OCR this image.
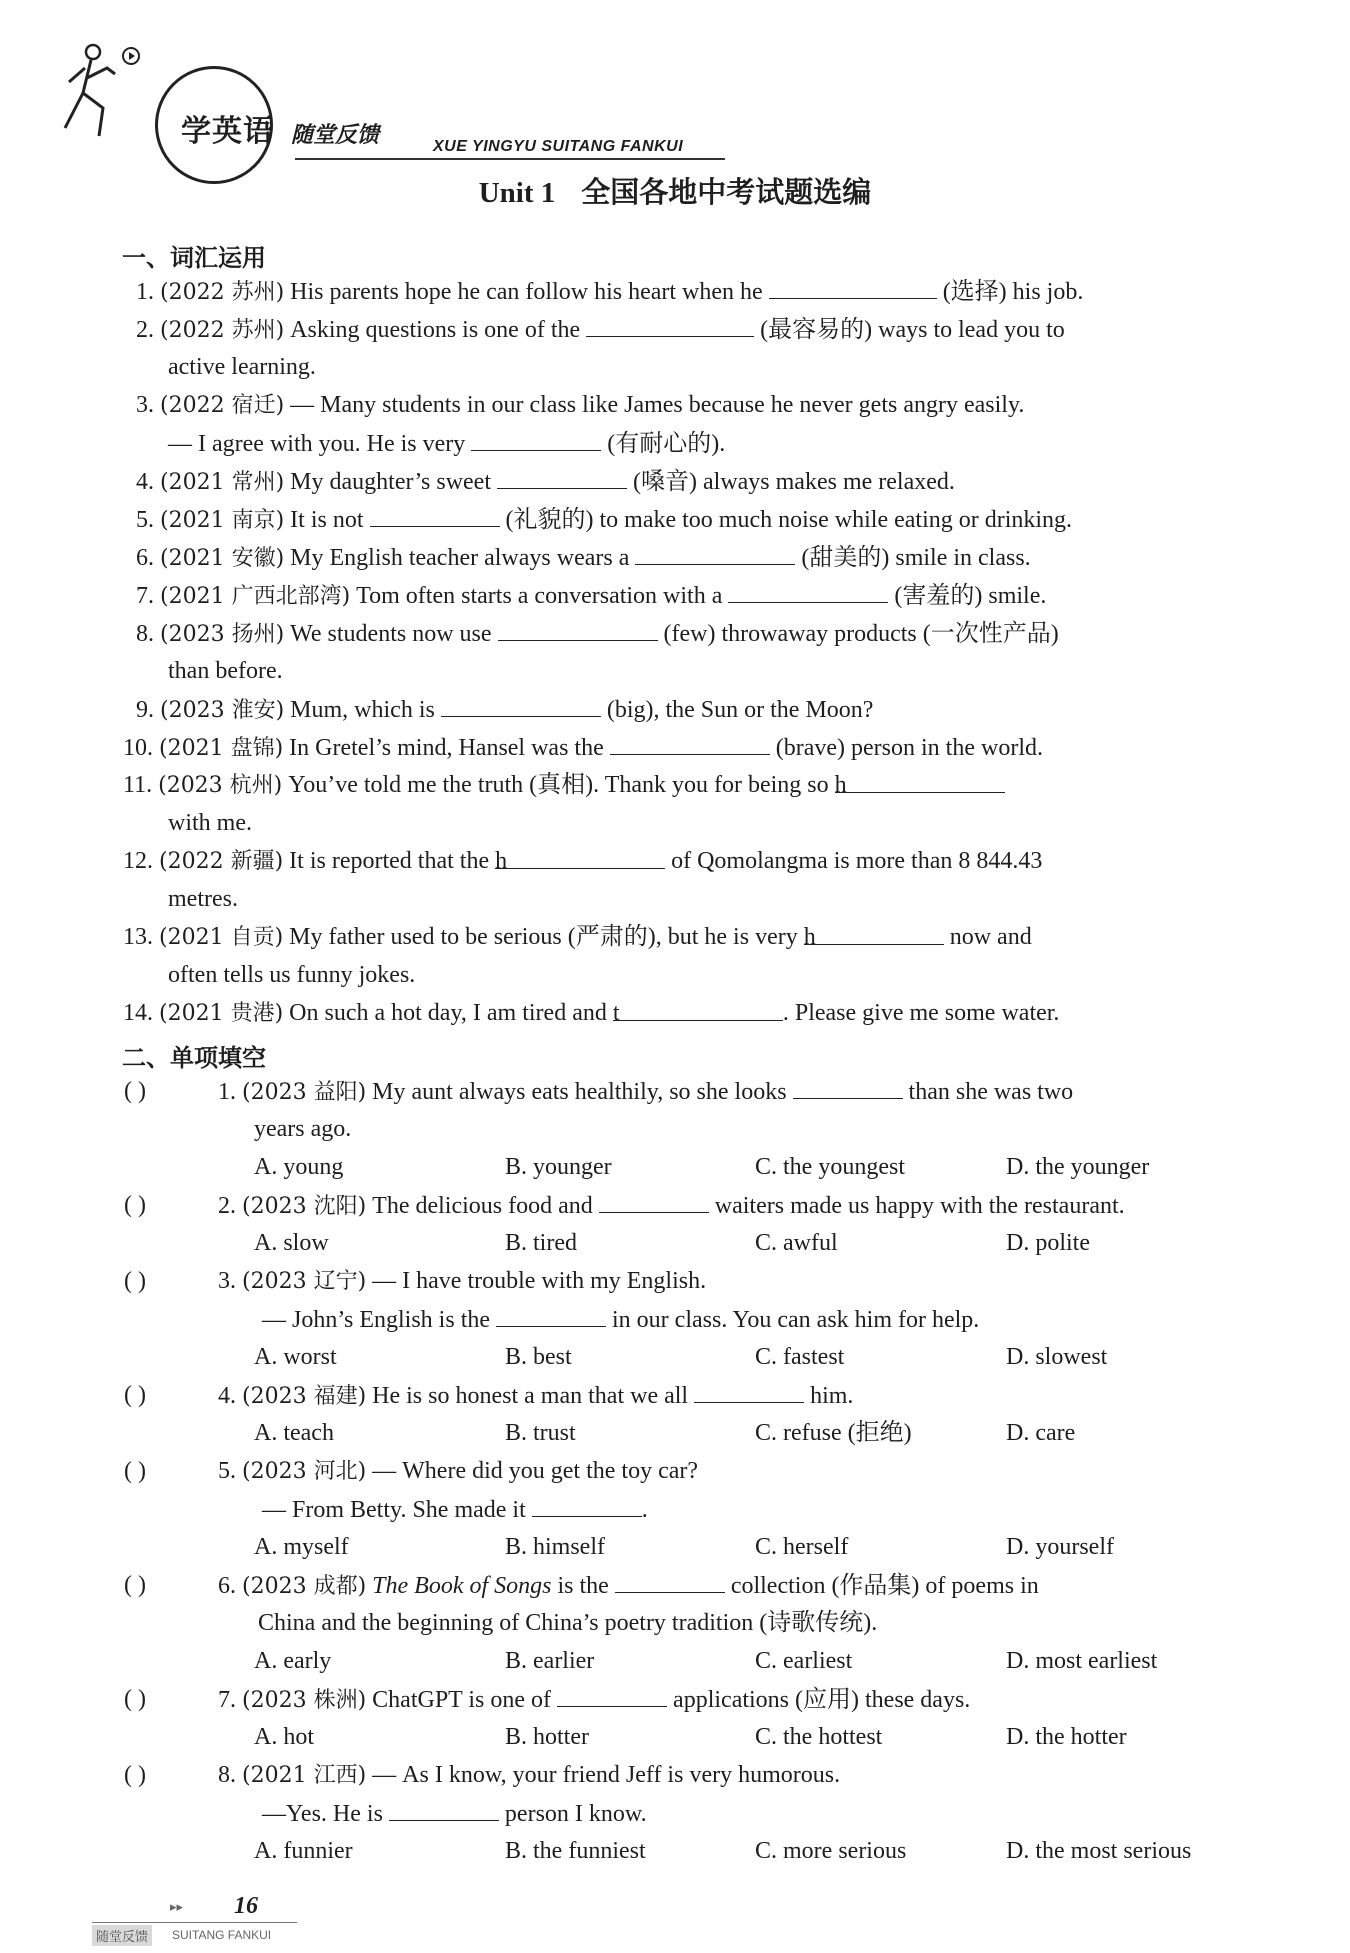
学英语 随堂反馈	XUE YINGYU SUITANG FANKUI
Unit 1 全国各地中考试题选编
一、词汇运用
1. (2022 苏州) His parents hope he can follow his heart when he	(选择) his job.
2. (2022 苏州) Asking questions is one of the	(最容易的) ways to lead you to
active learning.
3. (2022 宿迁) — Many students in our class like James because he never gets angry easily.
— I agree with you. He is very	(有耐心的).
4. (2021 常州) My daughter’s sweet	(嗓音) always makes me relaxed.
5. (2021 南京) It is not	(礼貌的) to make too much noise while eating or drinking.
6. (2021 安徽) My English teacher always wears a	(甜美的) smile in class.
7. (2021 广西北部湾) Tom often starts a conversation with a	(害羞的) smile.
8. (2023 扬州) We students now use	(few) throwaway products (一次性产品)
than before.
9. (2023 淮安) Mum, which is	(big), the Sun or the Moon?
10. (2021 盘锦) In Gretel’s mind, Hansel was the	(brave) person in the world.
11. (2023 杭州) You’ve told me the truth (真相). Thank you for being so h
with me.
12. (2022 新疆) It is reported that the h	of Qomolangma is more than 8 844.43
metres.
13. (2021 自贡) My father used to be serious (严肃的), but he is very h	now and
often tells us funny jokes.
14. (2021 贵港) On such a hot day, I am tired and t	. Please give me some water.
二、单项填空
( )	1. (2023 益阳) My aunt always eats healthily, so she looks	than she was two
years ago.
A. young	B. younger	C. the youngest	D. the younger
( )	2. (2023 沈阳) The delicious food and	waiters made us happy with the restaurant.
A. slow	B. tired	C. awful	D. polite
( )	3. (2023 辽宁) — I have trouble with my English.
— John’s English is the	in our class. You can ask him for help.
A. worst	B. best	C. fastest	D. slowest
( )	4. (2023 福建) He is so honest a man that we all	him.
A. teach	B. trust	C. refuse (拒绝)	D. care
( )	5. (2023 河北) — Where did you get the toy car?
— From Betty. She made it	.
A. myself	B. himself	C. herself	D. yourself
( )	6. (2023 成都) The Book of Songs is the	collection (作品集) of poems in
China and the beginning of China’s poetry tradition (诗歌传统).
A. early	B. earlier	C. earliest	D. most earliest
( )	7. (2023 株洲) ChatGPT is one of	applications (应用) these days.
A. hot	B. hotter	C. the hottest	D. the hotter
( )	8. (2021 江西) — As I know, your friend Jeff is very humorous.
—Yes. He is	person I know.
A. funnier	B. the funniest	C. more serious	D. the most serious
▸▸ 16
随堂反馈	SUITANG FANKUI
